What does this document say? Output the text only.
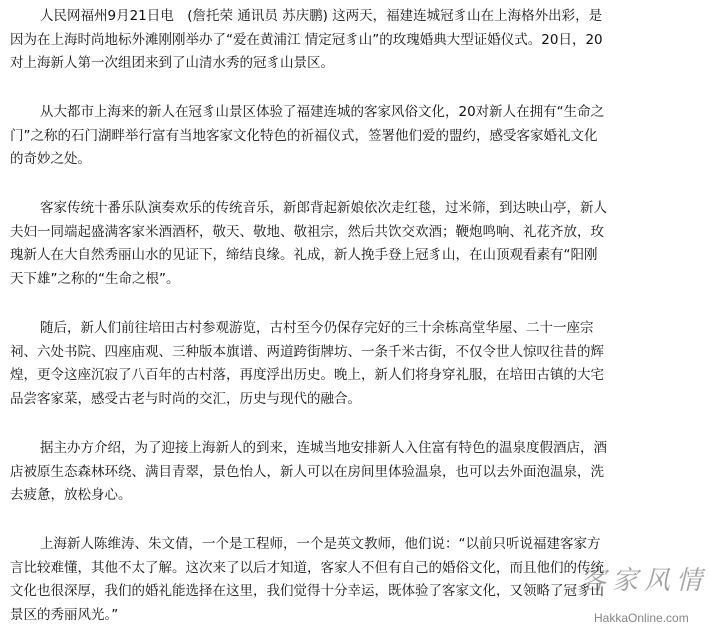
人民网福州9月21日电　(詹托荣 通讯员 苏庆鹏) 这两天，福建连城冠豸山在上海格外出彩，是
因为在上海时尚地标外滩刚刚举办了“爱在黄浦江 情定冠豸山”的玫瑰婚典大型证婚仪式。20日，20
对上海新人第一次组团来到了山清水秀的冠豸山景区。
从大都市上海来的新人在冠豸山景区体验了福建连城的客家风俗文化，20对新人在拥有“生命之
门”之称的石门湖畔举行富有当地客家文化特色的祈福仪式，签署他们爱的盟约，感受客家婚礼文化
的奇妙之处。
客家传统十番乐队演奏欢乐的传统音乐，新郎背起新娘依次走红毯，过米筛，到达映山亭，新人
夫妇一同端起盛满客家米酒酒杯，敬天、敬地、敬祖宗，然后共饮交欢酒；鞭炮鸣响、礼花齐放，玫
瑰新人在大自然秀丽山水的见证下，缔结良缘。礼成，新人挽手登上冠豸山，在山顶观看素有“阳刚
天下雄”之称的“生命之根”。
随后，新人们前往培田古村参观游览，古村至今仍保存完好的三十余栋高堂华屋、二十一座宗
祠、六处书院、四座庙观、三种版本旗谱、两道跨街牌坊、一条千米古街，不仅令世人惊叹往昔的辉
煌，更令这座沉寂了八百年的古村落，再度浮出历史。晚上，新人们将身穿礼服，在培田古镇的大宅
品尝客家菜，感受古老与时尚的交汇，历史与现代的融合。
据主办方介绍，为了迎接上海新人的到来，连城当地安排新人入住富有特色的温泉度假酒店，酒
店被原生态森林环绕、满目青翠，景色怡人，新人可以在房间里体验温泉，也可以去外面泡温泉，洗
去疲惫，放松身心。
上海新人陈维涛、朱文倩，一个是工程师，一个是英文教师，他们说：“以前只听说福建客家方
言比较难懂，其他不太了解。这次来了以后才知道，客家人不但有自己的婚俗文化，而且他们的传统
文化也很深厚，我们的婚礼能选择在这里，我们觉得十分幸运，既体验了客家文化，又领略了冠豸山
景区的秀丽风光。”
客家风情
HakkaOnline.com
